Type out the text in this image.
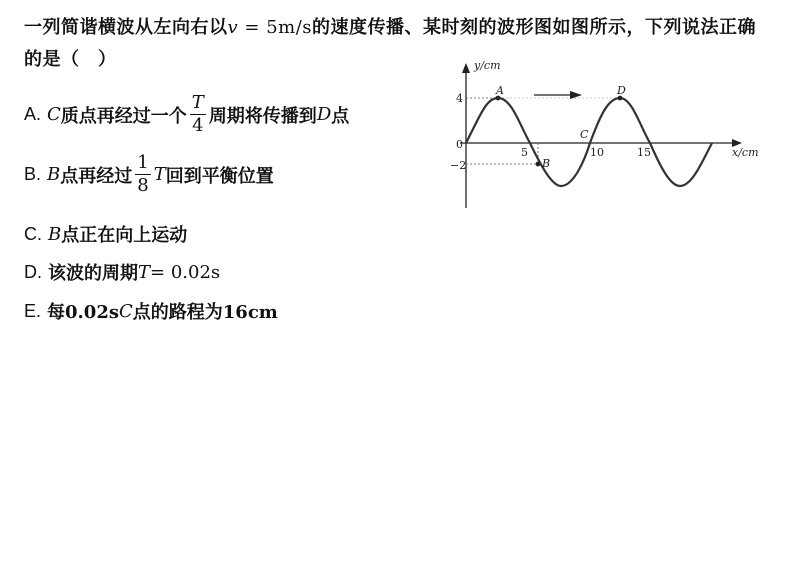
一列简谐横波从左向右以v = 5m/s的速度传播、某时刻的波形图如图所示，下列说法正确的是（　）
A. C 质点再经过一个 $\frac{T}{4}$ 周期将传播到 D 点
B. B 点再经过 $\frac{1}{8}$ T 回到平衡位置
C. B 点正在向上运动
D. 该波的周期 T = 0.02s
E. 每0.02s C 点的路程为16cm
y/cm
x/cm
0
5	10	15
4
−2
A
B
C
D
